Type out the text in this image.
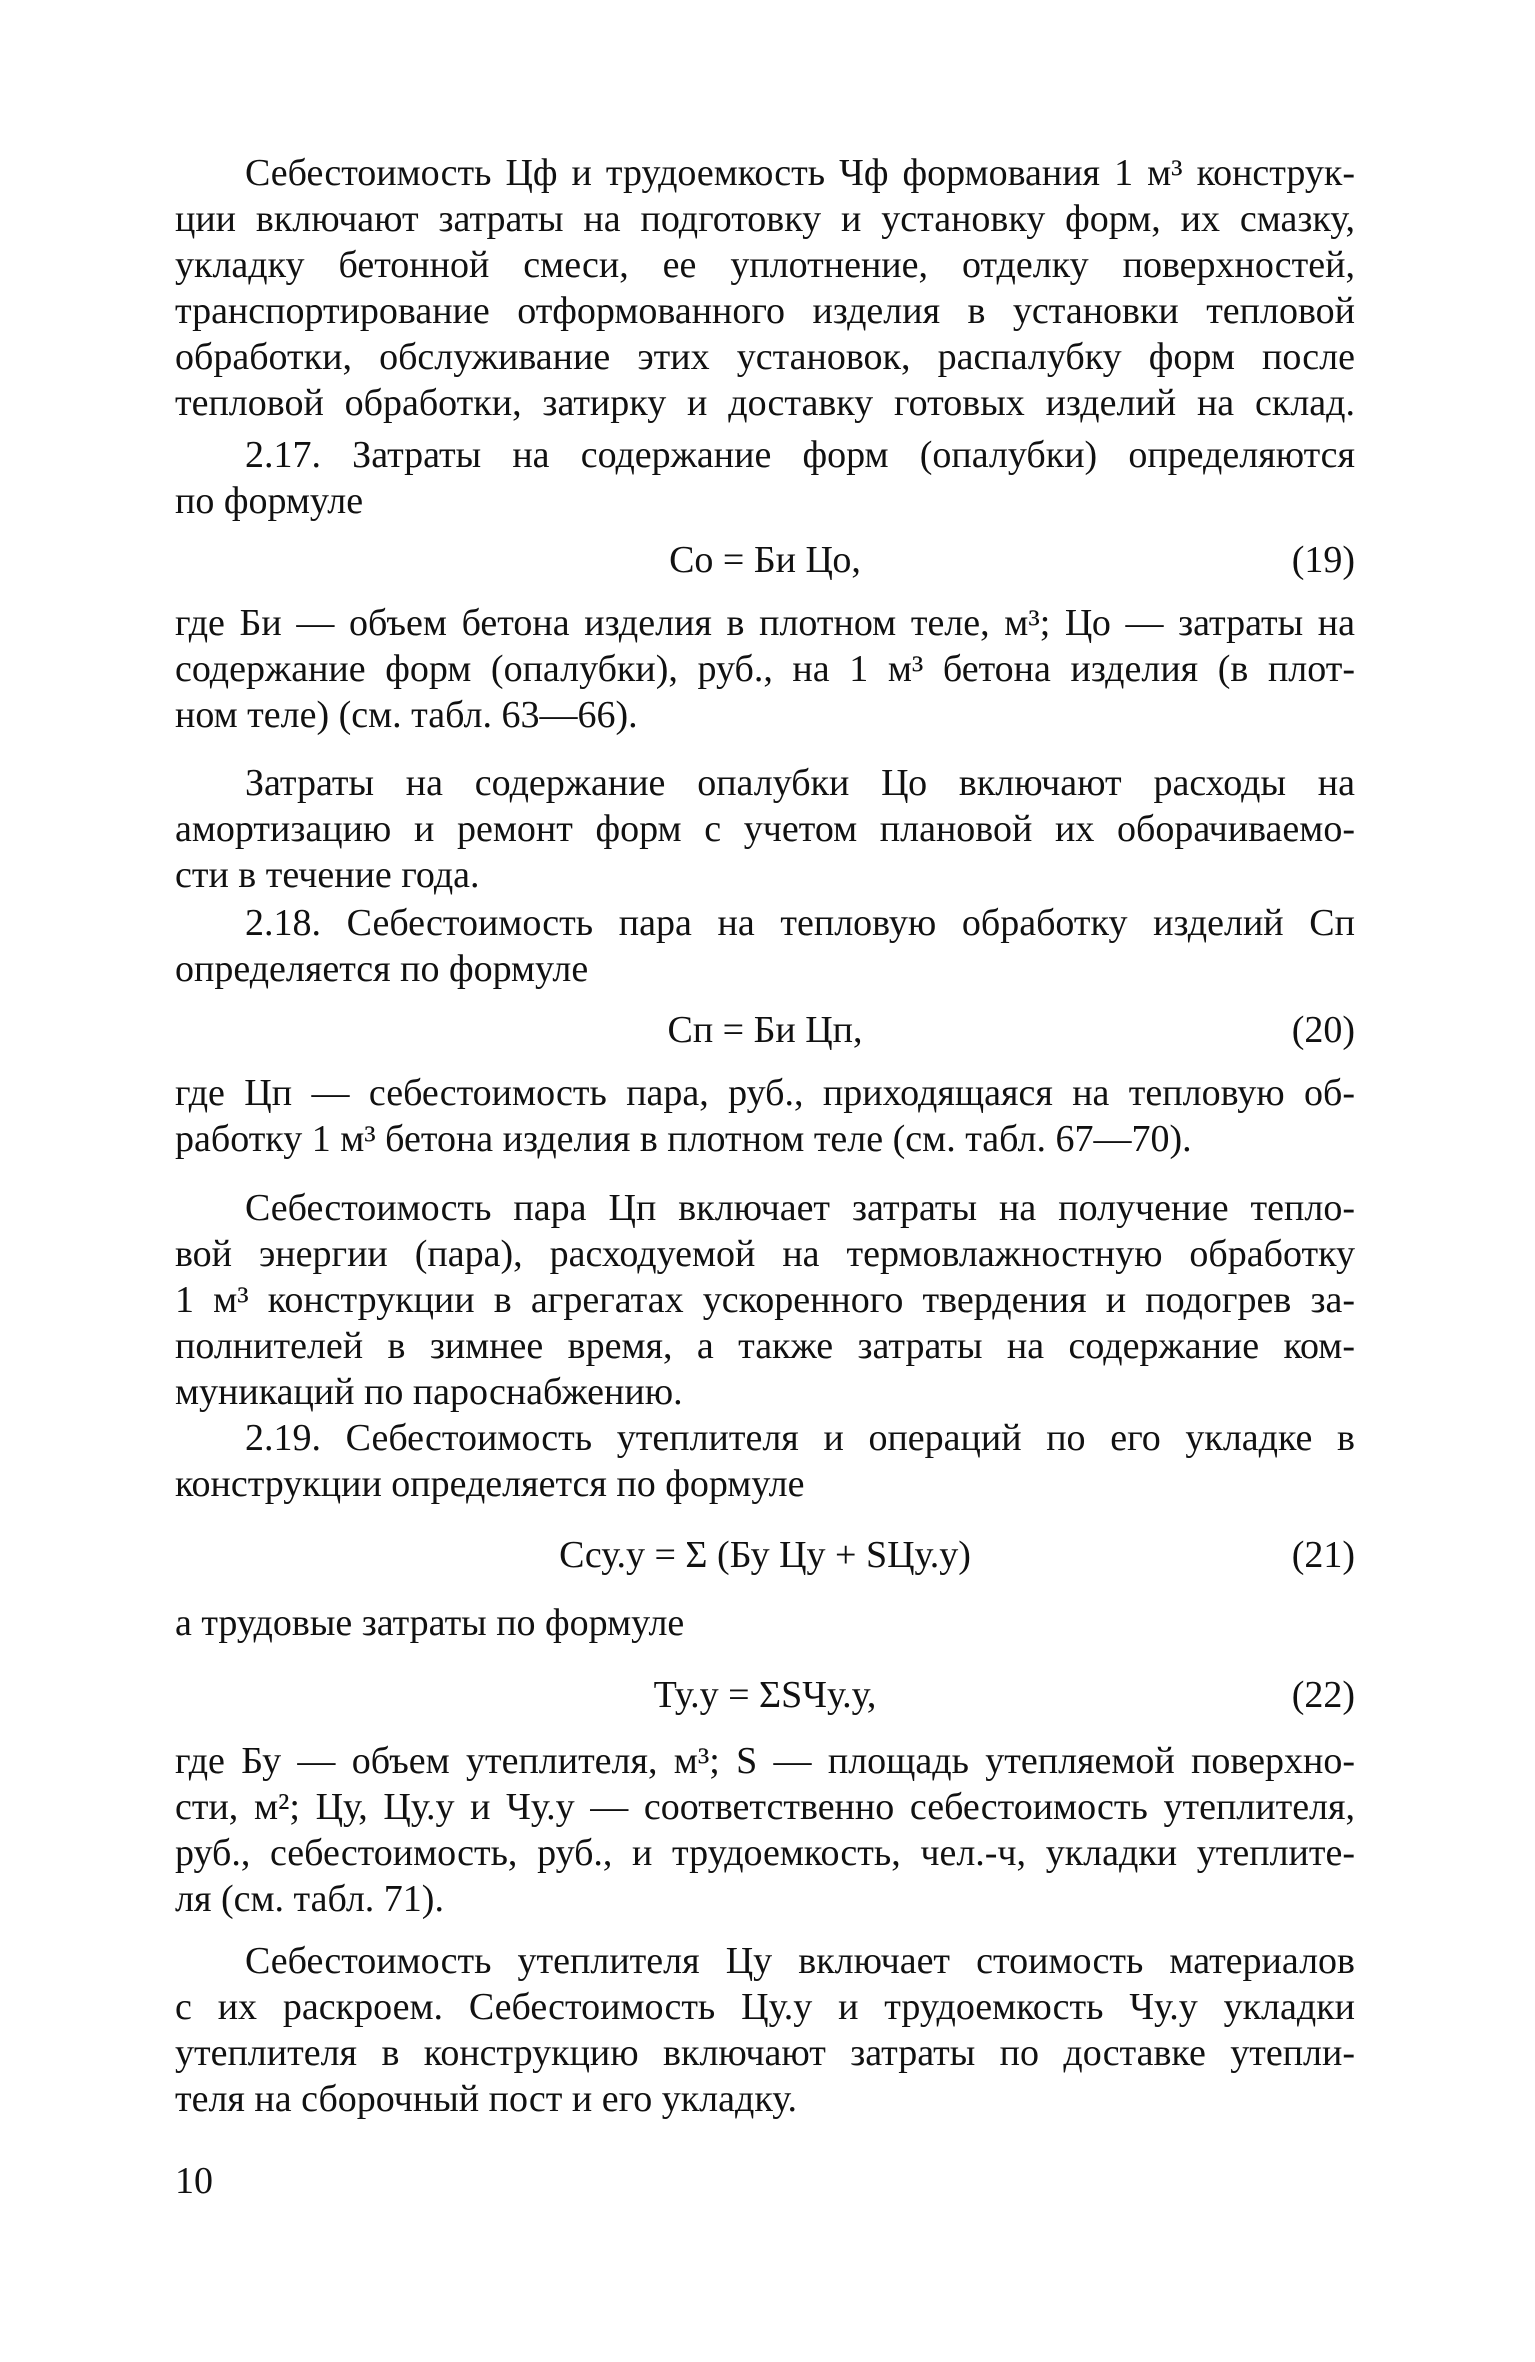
Себестоимость Цф и трудоемкость Чф формования 1 м³ конструк-
ции включают затраты на подготовку и установку форм, их смазку,
укладку бетонной смеси, ее уплотнение, отделку поверхностей,
транспортирование отформованного изделия в установки тепловой
обработки, обслуживание этих установок, распалубку форм после
тепловой обработки, затирку и доставку готовых изделий на склад.
2.17. Затраты на содержание форм (опалубки) определяются
по формуле
Со = Би Цо,	(19)
где Би — объем бетона изделия в плотном теле, м³; Цо — затраты на
содержание форм (опалубки), руб., на 1 м³ бетона изделия (в плот-
ном теле) (см. табл. 63—66).
Затраты на содержание опалубки Цо включают расходы на
амортизацию и ремонт форм с учетом плановой их оборачиваемо-
сти в течение года.
2.18. Себестоимость пара на тепловую обработку изделий Сп
определяется по формуле
Сп = Би Цп,	(20)
где Цп — себестоимость пара, руб., приходящаяся на тепловую об-
работку 1 м³ бетона изделия в плотном теле (см. табл. 67—70).
Себестоимость пара Цп включает затраты на получение тепло-
вой энергии (пара), расходуемой на термовлажностную обработку
1 м³ конструкции в агрегатах ускоренного твердения и подогрев за-
полнителей в зимнее время, а также затраты на содержание ком-
муникаций по пароснабжению.
2.19. Себестоимость утеплителя и операций по его укладке в
конструкции определяется по формуле
Ссу.у = Σ (Бу Цу + SЦу.у)	(21)
а трудовые затраты по формуле
Ту.у = ΣSЧу.у,	(22)
где Бу — объем утеплителя, м³; S — площадь утепляемой поверхно-
сти, м²; Цу, Цу.у и Чу.у — соответственно себестоимость утеплителя,
руб., себестоимость, руб., и трудоемкость, чел.-ч, укладки утеплите-
ля (см. табл. 71).
Себестоимость утеплителя Цу включает стоимость материалов
с их раскроем. Себестоимость Цу.у и трудоемкость Чу.у укладки
утеплителя в конструкцию включают затраты по доставке утепли-
теля на сборочный пост и его укладку.
10
